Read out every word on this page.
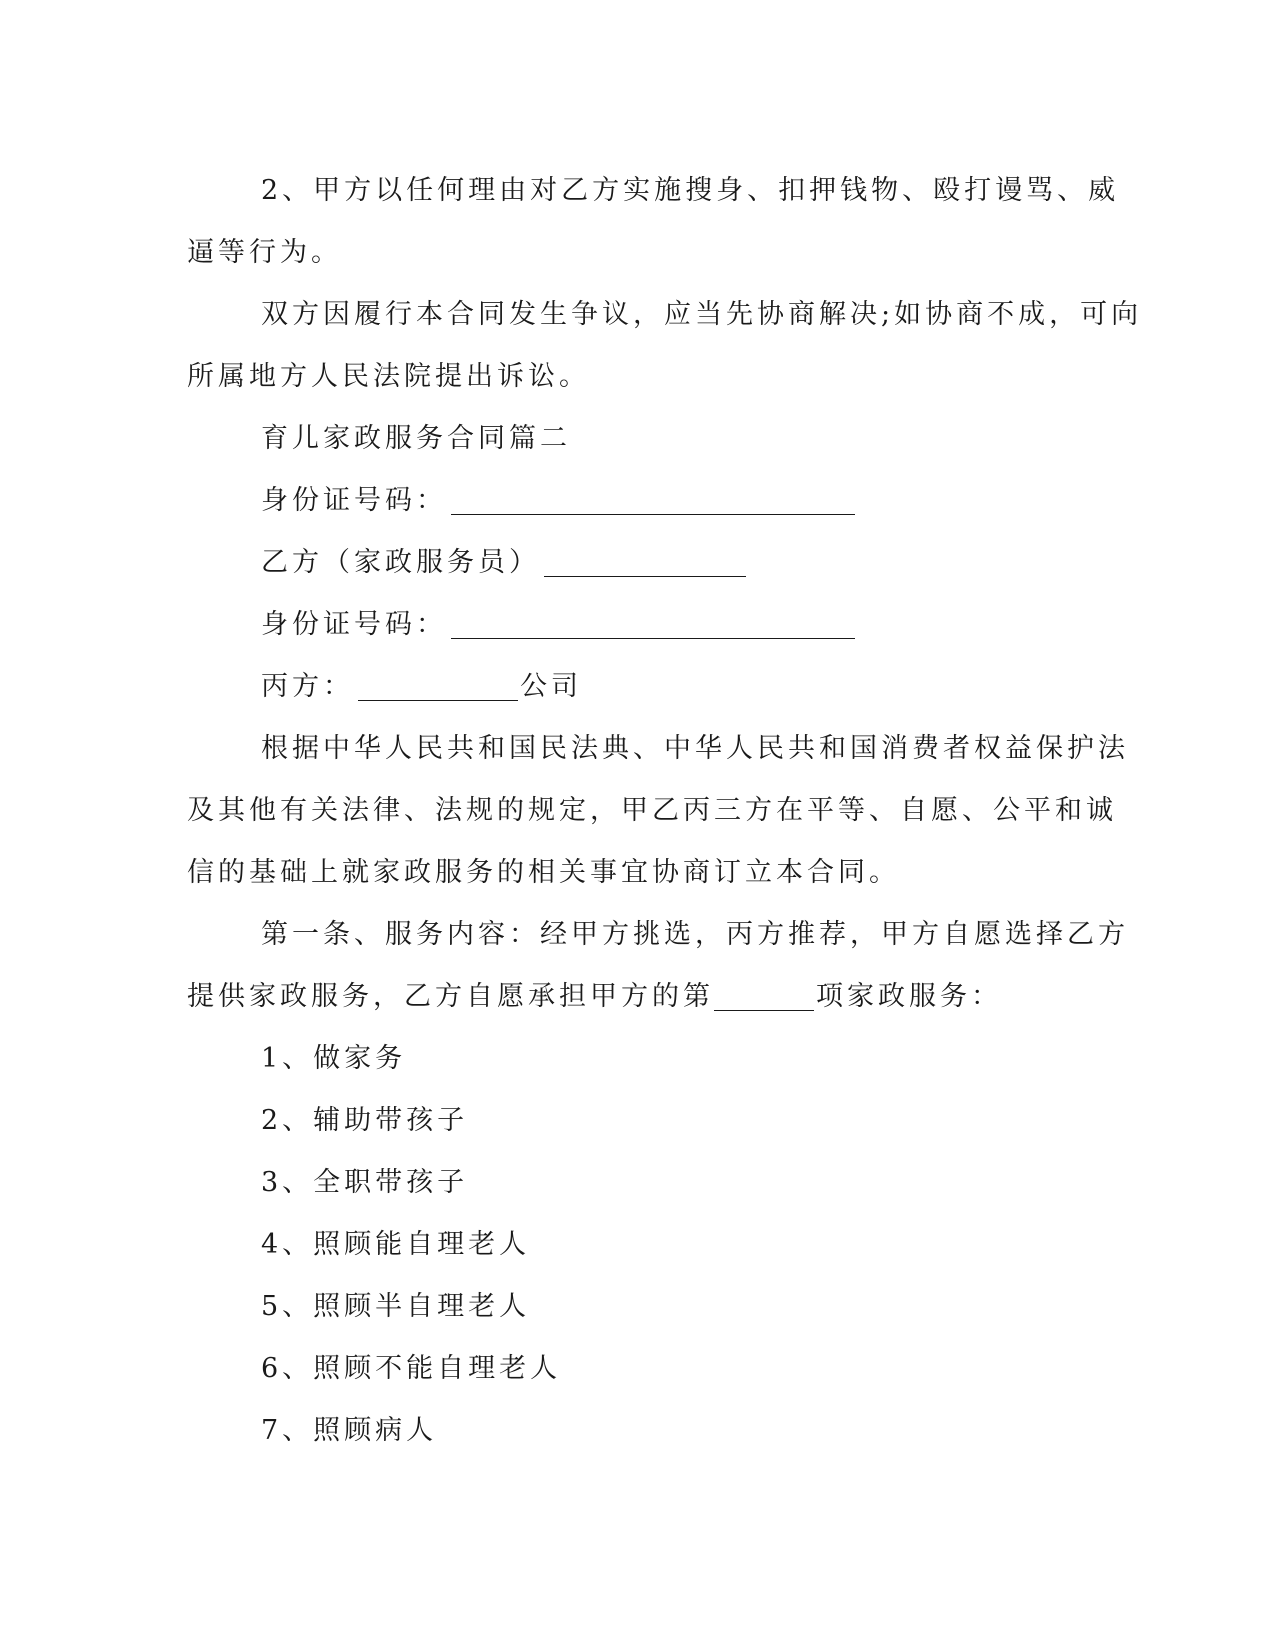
2、甲方以任何理由对乙方实施搜身、扣押钱物、殴打谩骂、威

逼等行为。

双方因履行本合同发生争议，应当先协商解决;如协商不成，可向

所属地方人民法院提出诉讼。

育儿家政服务合同篇二

身份证号码：

乙方（家政服务员）

身份证号码：

丙方：	公司

根据中华人民共和国民法典、中华人民共和国消费者权益保护法

及其他有关法律、法规的规定，甲乙丙三方在平等、自愿、公平和诚

信的基础上就家政服务的相关事宜协商订立本合同。

第一条、服务内容：经甲方挑选，丙方推荐，甲方自愿选择乙方

提供家政服务，乙方自愿承担甲方的第	项家政服务：

1、做家务

2、辅助带孩子

3、全职带孩子

4、照顾能自理老人

5、照顾半自理老人

6、照顾不能自理老人

7、照顾病人
